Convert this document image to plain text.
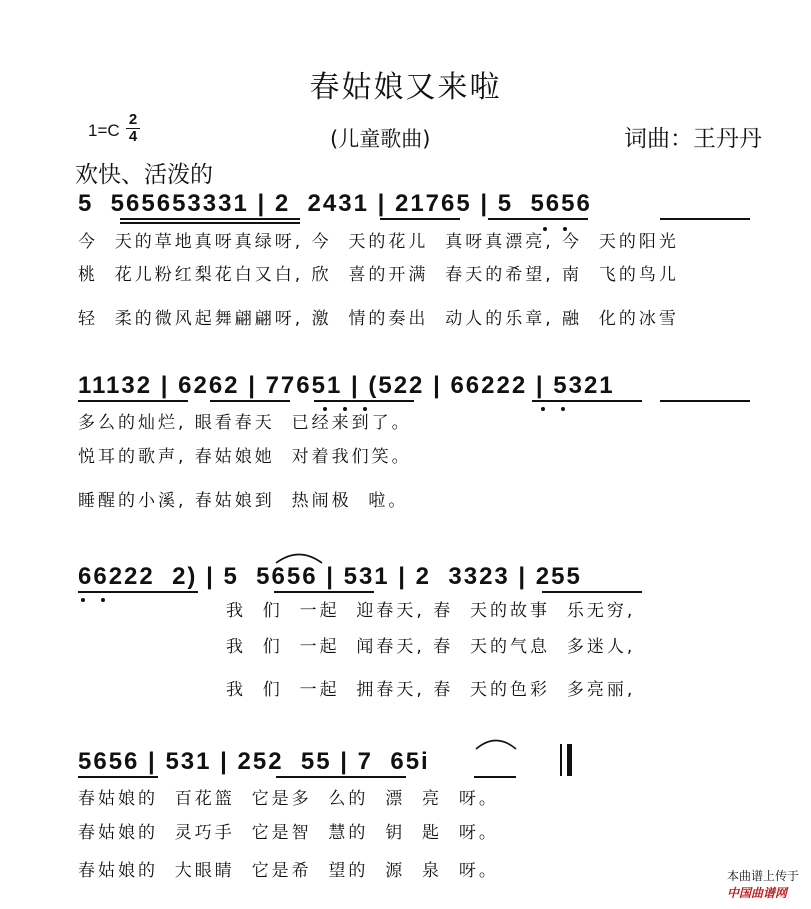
春姑娘又来啦
1=C
2
4	(儿童歌曲)	词曲：王丹丹
欢快、活泼的
5  565653331 | 2  2431 | 21765 | 5  5656
今  天的草地真呀真绿呀, 今  天的花儿  真呀真漂亮, 今  天的阳光
桃  花儿粉红梨花白又白, 欣  喜的开满  春天的希望, 南  飞的鸟儿
轻  柔的微风起舞翩翩呀, 激  情的奏出  动人的乐章, 融  化的冰雪
11132 | 6262 | 77651 | (522 | 66222 | 5321
多么的灿烂, 眼看春天  已经来到了。
悦耳的歌声, 春姑娘她  对着我们笑。
睡醒的小溪, 春姑娘到  热闹极  啦。
66222  2) | 5  5656 | 531 | 2  3323 | 255
我  们  一起  迎春天, 春  天的故事  乐无穷,
我  们  一起  闻春天, 春  天的气息  多迷人,
我  们  一起  拥春天, 春  天的色彩  多亮丽,
5656 | 531 | 252  55 | 7  65i
春姑娘的  百花篮  它是多  么的  漂  亮  呀。
春姑娘的  灵巧手  它是智  慧的  钥  匙  呀。
春姑娘的  大眼睛  它是希  望的  源  泉  呀。	本曲谱上传于
中国曲谱网
